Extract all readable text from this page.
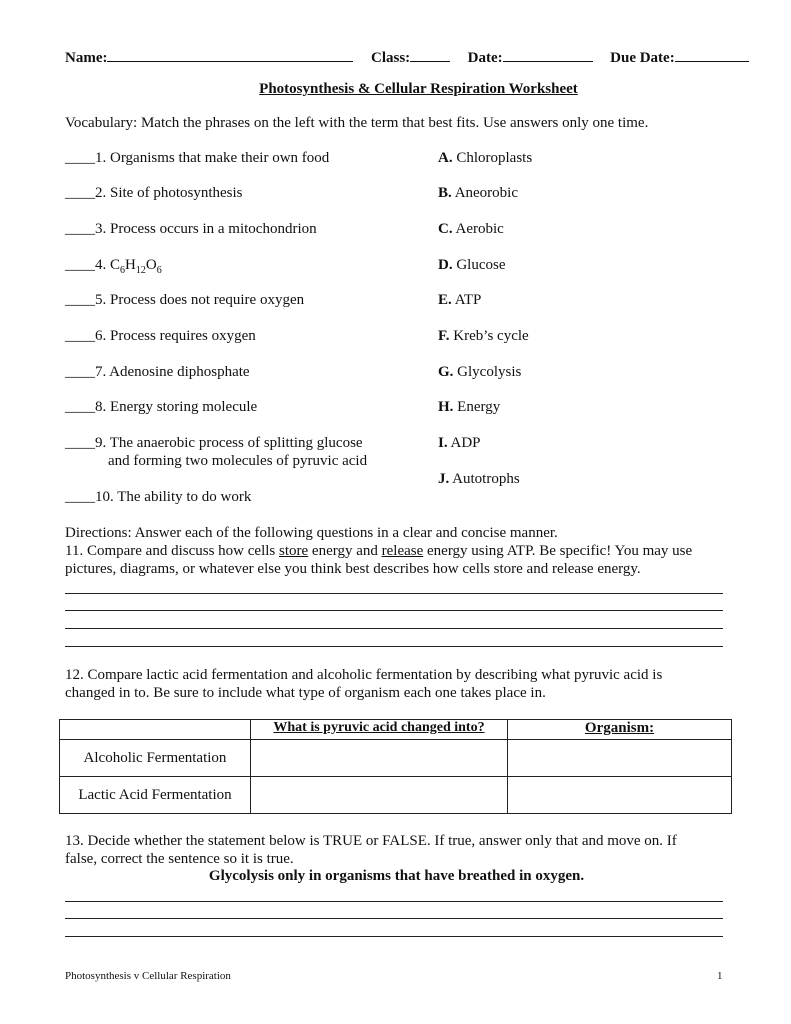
Name:	Class:	Date:	Due Date:
Photosynthesis & Cellular Respiration Worksheet
Vocabulary: Match the phrases on the left with the term that best fits. Use answers only one time.
____1. Organisms that make their own food
____2. Site of photosynthesis
____3. Process occurs in a mitochondrion
____4. $C_6H_{12}O_6$
____5. Process does not require oxygen
____6. Process requires oxygen
____7. Adenosine diphosphate
____8. Energy storing molecule
____9. The anaerobic process of splitting glucose
and forming two molecules of pyruvic acid
____10. The ability to do work
A. Chloroplasts
B. Aneorobic
C. Aerobic
D. Glucose
E. ATP
F. Kreb’s cycle
G. Glycolysis
H. Energy
I. ADP
J. Autotrophs
Directions: Answer each of the following questions in a clear and concise manner.
11. Compare and discuss how cells store energy and release energy using ATP. Be specific! You may use
pictures, diagrams, or whatever else you think best describes how cells store and release energy.
12. Compare lactic acid fermentation and alcoholic fermentation by describing what pyruvic acid is
changed in to. Be sure to include what type of organism each one takes place in.
	What is pyruvic acid changed into?	Organism:
Alcoholic Fermentation		
Lactic Acid Fermentation		
13. Decide whether the statement below is TRUE or FALSE. If true, answer only that and move on. If
false, correct the sentence so it is true.
Glycolysis only in organisms that have breathed in oxygen.
Photosynthesis v Cellular Respiration	1
